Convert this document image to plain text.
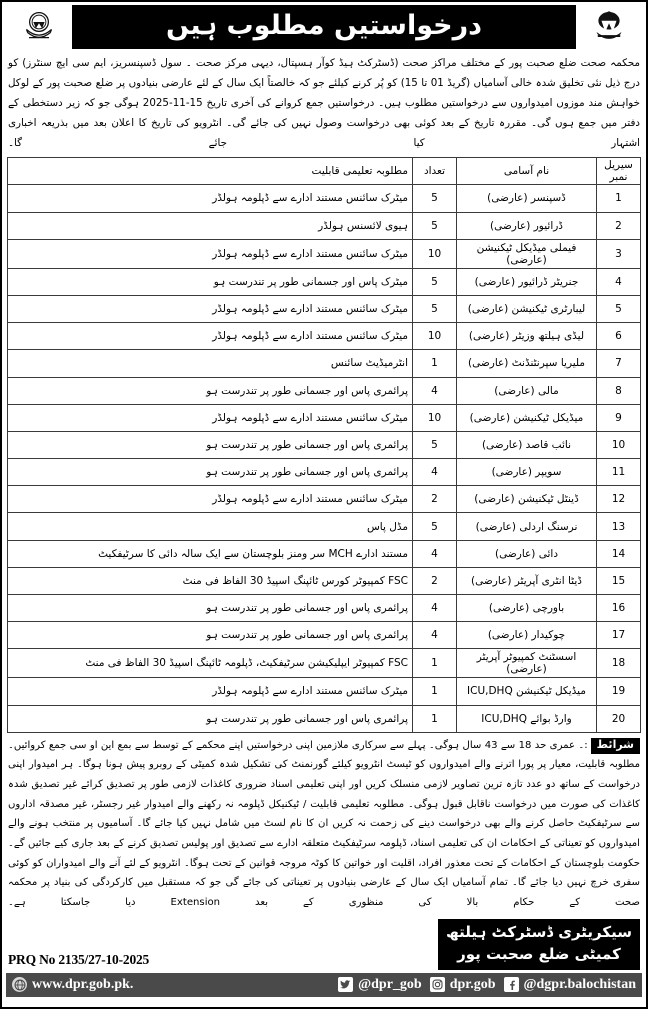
درخواستیں مطلوب ہیں
محکمہ صحت ضلع صحبت پور کے مختلف مراکز صحت (ڈسٹرکٹ ہیڈ کوآر ہسپتال، دیہی مرکز صحت ۔ سول ڈسپنسریز، ایم سی ایچ سنٹرز) کو درج ذیل نئی تخلیق شدہ خالی آسامیاں (گریڈ 01 تا 15) کو پُر کرنے کیلئے جو کہ خالصتاً ایک سال کے لئے عارضی بنیادوں پر ضلع صحبت پور کے لوکل خواہش مند موزوں امیدواروں سے درخواستیں مطلوب ہیں۔ درخواستیں جمع کروانے کی آخری تاریخ 15-11-2025 ہوگی جو کہ زیر دستخطی کے دفتر میں جمع ہوں گی۔ مقررہ تاریخ کے بعد کوئی بھی درخواست وصول نہیں کی جائے گی۔ انٹرویو کی تاریخ کا اعلان بعد میں بذریعہ اخباری اشتہار کیا جائے گا۔
سیریل نمبر	نام آسامی	تعداد	مطلوبہ تعلیمی قابلیت
1	ڈسپنسر (عارضی)	5	میٹرک سائنس مستند ادارے سے ڈپلومہ ہولڈر
2	ڈرائیور (عارضی)	5	ہیوی لائسنس ہولڈر
3	فیملی میڈیکل ٹیکنیشن (عارضی)	10	میٹرک سائنس مستند ادارے سے ڈپلومہ ہولڈر
4	جنریٹر ڈرائیور (عارضی)	5	میٹرک پاس اور جسمانی طور پر تندرست ہو
5	لیبارٹری ٹیکنیشن (عارضی)	5	میٹرک سائنس مستند ادارے سے ڈپلومہ ہولڈر
6	لیڈی ہیلتھ وزیٹر (عارضی)	10	میٹرک سائنس مستند ادارے سے ڈپلومہ ہولڈر
7	ملیریا سپرنٹنڈنٹ (عارضی)	1	انٹرمیڈیٹ سائنس
8	مالی (عارضی)	4	پرائمری پاس اور جسمانی طور پر تندرست ہو
9	میڈیکل ٹیکنیشن (عارضی)	10	میٹرک سائنس مستند ادارے سے ڈپلومہ ہولڈر
10	نائب قاصد (عارضی)	5	پرائمری پاس اور جسمانی طور پر تندرست ہو
11	سویپر (عارضی)	4	پرائمری پاس اور جسمانی طور پر تندرست ہو
12	ڈینٹل ٹیکنیشن (عارضی)	2	میٹرک سائنس مستند ادارے سے ڈپلومہ ہولڈر
13	نرسنگ اردلی (عارضی)	5	مڈل پاس
14	دائی (عارضی)	4	مستند ادارے MCH سر ومنز بلوچستان سے ایک سالہ دائی کا سرٹیفکیٹ
15	ڈیٹا انٹری آپریٹر (عارضی)	2	FSC کمپیوٹر کورس ٹائپنگ اسپیڈ 30 الفاظ فی منٹ
16	باورچی (عارضی)	4	پرائمری پاس اور جسمانی طور پر تندرست ہو
17	چوکیدار (عارضی)	4	پرائمری پاس اور جسمانی طور پر تندرست ہو
18	اسسٹنٹ کمپیوٹر آپریٹر (عارضی)	1	FSC کمپیوٹر ایپلیکیشن سرٹیفکیٹ، ڈپلومہ ٹائپنگ اسپیڈ 30 الفاظ فی منٹ
19	میڈیکل ٹیکنیشن ICU,DHQ	1	میٹرک سائنس مستند ادارے سے ڈپلومہ ہولڈر
20	وارڈ بوائے ICU,DHQ	1	پرائمری پاس اور جسمانی طور پر تندرست ہو
شرائط:۔ عمری حد 18 سے 43 سال ہوگی۔ پہلے سے سرکاری ملازمین اپنی درخواستیں اپنے محکمے کے توسط سے بمع این او سی جمع کروائیں۔ مطلوبہ قابلیت، معیار پر پورا اترنے والے امیدواروں کو ٹیسٹ انٹرویو کیلئے گورنمنٹ کی تشکیل شدہ کمیٹی کے روبرو پیش ہونا ہوگا۔ ہر امیدوار اپنی درخواست کے ساتھ دو عدد تازہ ترین تصاویر لازمی منسلک کریں اور اپنی تعلیمی اسناد ضروری کاغذات لازمی طور پر تصدیق کرائے غیر تصدیق شدہ کاغذات کی صورت میں درخواست ناقابل قبول ہوگی۔ مطلوبہ تعلیمی قابلیت / ٹیکنیکل ڈپلومہ نہ رکھنے والے امیدوار غیر رجسٹر، غیر مصدقہ اداروں سے سرٹیفکیٹ حاصل کرنے والے بھی درخواست دینے کی زحمت نہ کریں ان کا نام لسٹ میں شامل نہیں کیا جائے گا۔ آسامیوں پر منتخب ہونے والے امیدواروں کو تعیناتی کے احکامات ان کی تعلیمی اسناد، ڈپلومہ سرٹیفکیٹ متعلقہ ادارے سے تصدیق اور پولیس تصدیق کرنے کے بعد جاری کیے جائیں گے۔ حکومت بلوچستان کے احکامات کے تحت معذور افراد، اقلیت اور خواتین کا کوٹہ مروجہ قوانین کے تحت ہوگا۔ انٹرویو کے لئے آنے والے امیدواران کو کوئی سفری خرچ نہیں دیا جائے گا۔ تمام آسامیاں ایک سال کے عارضی بنیادوں پر تعیناتی کی جائے گی جو کہ مستقبل میں کارکردگی کی بنیاد پر محکمہ صحت کے حکام بالا کی منظوری کے بعد Extension دیا جاسکتا ہے۔
سیکریٹری ڈسٹرکٹ ہیلتھ
کمیٹی ضلع صحبت پور
PRQ No 2135/27-10-2025
www.dpr.gob.pk.	@dpr_gob dpr.gob @dgpr.balochistan
